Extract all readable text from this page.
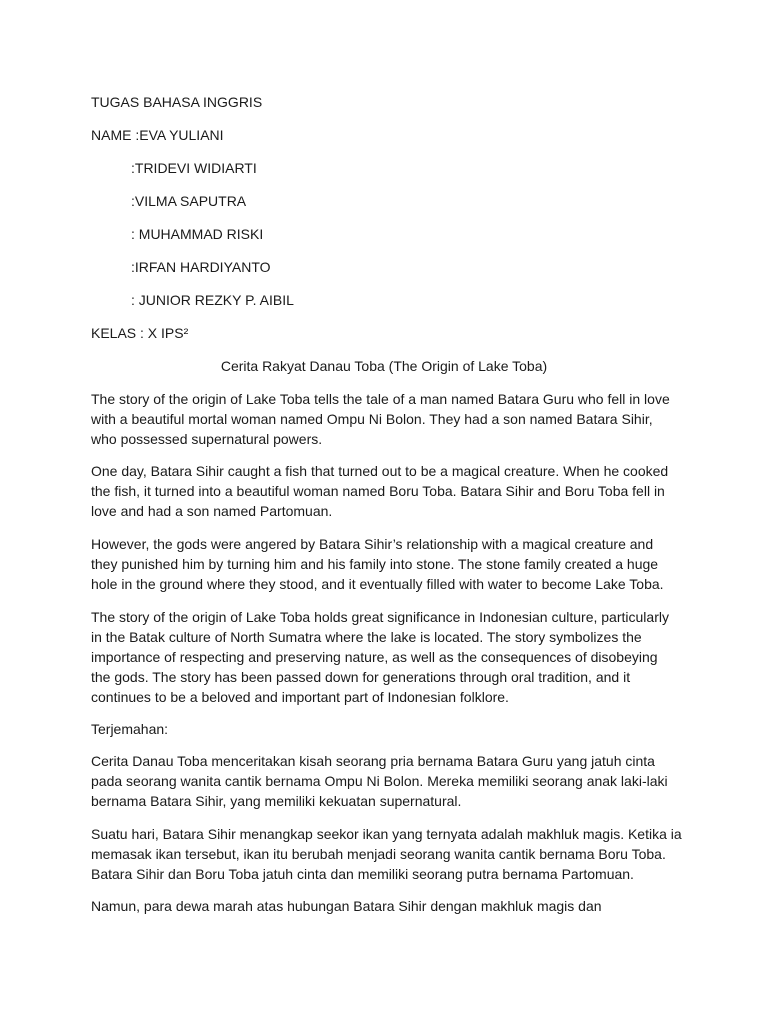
TUGAS BAHASA INGGRIS

NAME :EVA YULIANI

:TRIDEVI WIDIARTI

:VILMA SAPUTRA

: MUHAMMAD RISKI

:IRFAN HARDIYANTO

: JUNIOR REZKY P. AIBIL

KELAS : X IPS²

Cerita Rakyat Danau Toba (The Origin of Lake Toba)

The story of the origin of Lake Toba tells the tale of a man named Batara Guru who fell in love
with a beautiful mortal woman named Ompu Ni Bolon. They had a son named Batara Sihir,
who possessed supernatural powers.
One day, Batara Sihir caught a fish that turned out to be a magical creature. When he cooked
the fish, it turned into a beautiful woman named Boru Toba. Batara Sihir and Boru Toba fell in
love and had a son named Partomuan.
However, the gods were angered by Batara Sihir’s relationship with a magical creature and
they punished him by turning him and his family into stone. The stone family created a huge
hole in the ground where they stood, and it eventually filled with water to become Lake Toba.
The story of the origin of Lake Toba holds great significance in Indonesian culture, particularly
in the Batak culture of North Sumatra where the lake is located. The story symbolizes the
importance of respecting and preserving nature, as well as the consequences of disobeying
the gods. The story has been passed down for generations through oral tradition, and it
continues to be a beloved and important part of Indonesian folklore.

Terjemahan:

Cerita Danau Toba menceritakan kisah seorang pria bernama Batara Guru yang jatuh cinta
pada seorang wanita cantik bernama Ompu Ni Bolon. Mereka memiliki seorang anak laki-laki
bernama Batara Sihir, yang memiliki kekuatan supernatural.
Suatu hari, Batara Sihir menangkap seekor ikan yang ternyata adalah makhluk magis. Ketika ia
memasak ikan tersebut, ikan itu berubah menjadi seorang wanita cantik bernama Boru Toba.
Batara Sihir dan Boru Toba jatuh cinta dan memiliki seorang putra bernama Partomuan.
Namun, para dewa marah atas hubungan Batara Sihir dengan makhluk magis dan
